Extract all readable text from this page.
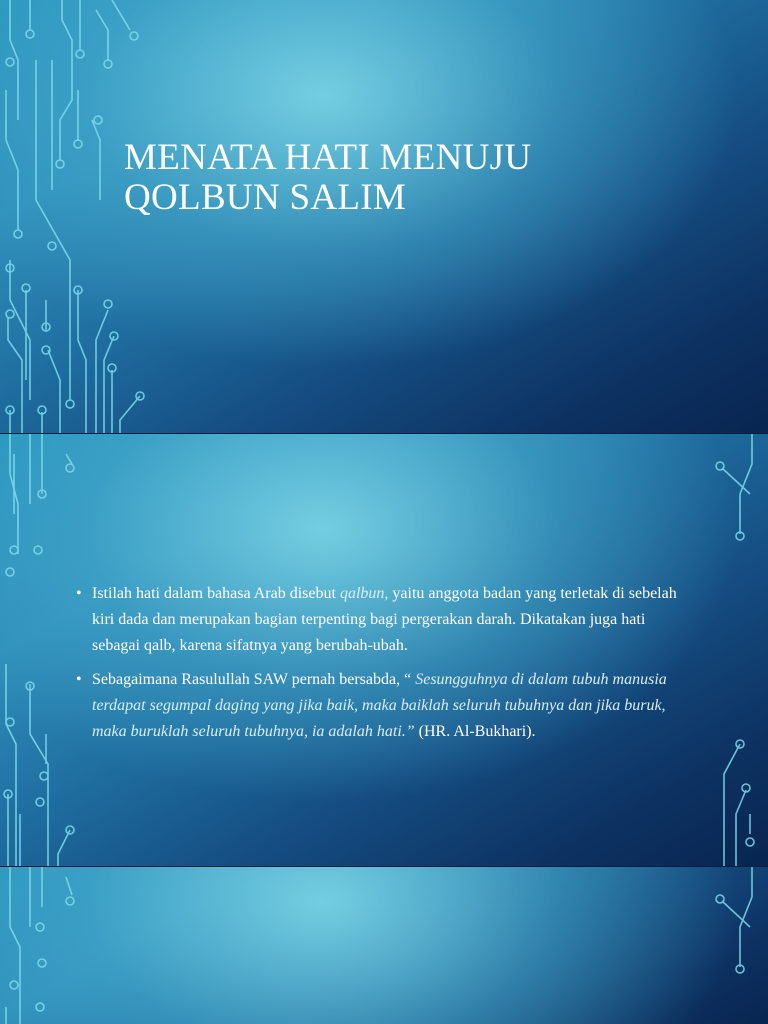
MENATA HATI MENUJU
QOLBUN SALIM
• Istilah hati dalam bahasa Arab disebut qalbun, yaitu anggota badan yang terletak di sebelah kiri dada dan merupakan bagian terpenting bagi pergerakan darah. Dikatakan juga hati sebagai qalb, karena sifatnya yang berubah-ubah.
• Sebagaimana Rasulullah SAW pernah bersabda, “ Sesungguhnya di dalam tubuh manusia terdapat segumpal daging yang jika baik, maka baiklah seluruh tubuhnya dan jika buruk, maka buruklah seluruh tubuhnya, ia adalah hati.” (HR. Al-Bukhari).
